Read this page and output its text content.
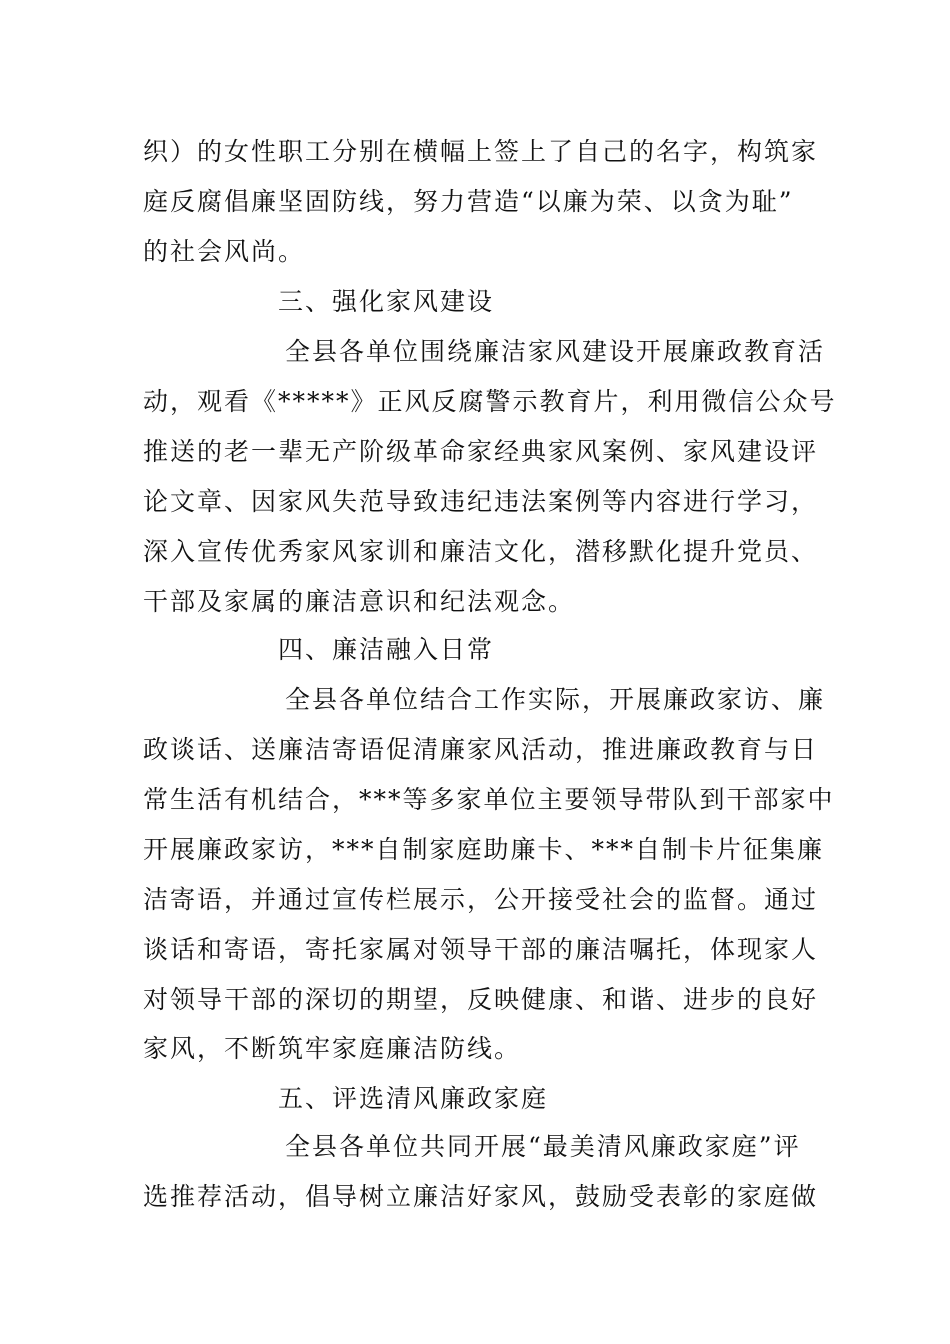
织）的女性职工分别在横幅上签上了自己的名字，构筑家
庭反腐倡廉坚固防线，努力营造“以廉为荣、以贪为耻”
的社会风尚。
三、强化家风建设
全县各单位围绕廉洁家风建设开展廉政教育活
动，观看《*****》正风反腐警示教育片，利用微信公众号
推送的老一辈无产阶级革命家经典家风案例、家风建设评
论文章、因家风失范导致违纪违法案例等内容进行学习，
深入宣传优秀家风家训和廉洁文化，潜移默化提升党员、
干部及家属的廉洁意识和纪法观念。
四、廉洁融入日常
全县各单位结合工作实际，开展廉政家访、廉
政谈话、送廉洁寄语促清廉家风活动，推进廉政教育与日
常生活有机结合，***等多家单位主要领导带队到干部家中
开展廉政家访，***自制家庭助廉卡、***自制卡片征集廉
洁寄语，并通过宣传栏展示，公开接受社会的监督。通过
谈话和寄语，寄托家属对领导干部的廉洁嘱托，体现家人
对领导干部的深切的期望，反映健康、和谐、进步的良好
家风，不断筑牢家庭廉洁防线。
五、评选清风廉政家庭
全县各单位共同开展“最美清风廉政家庭”评
选推荐活动，倡导树立廉洁好家风，鼓励受表彰的家庭做
